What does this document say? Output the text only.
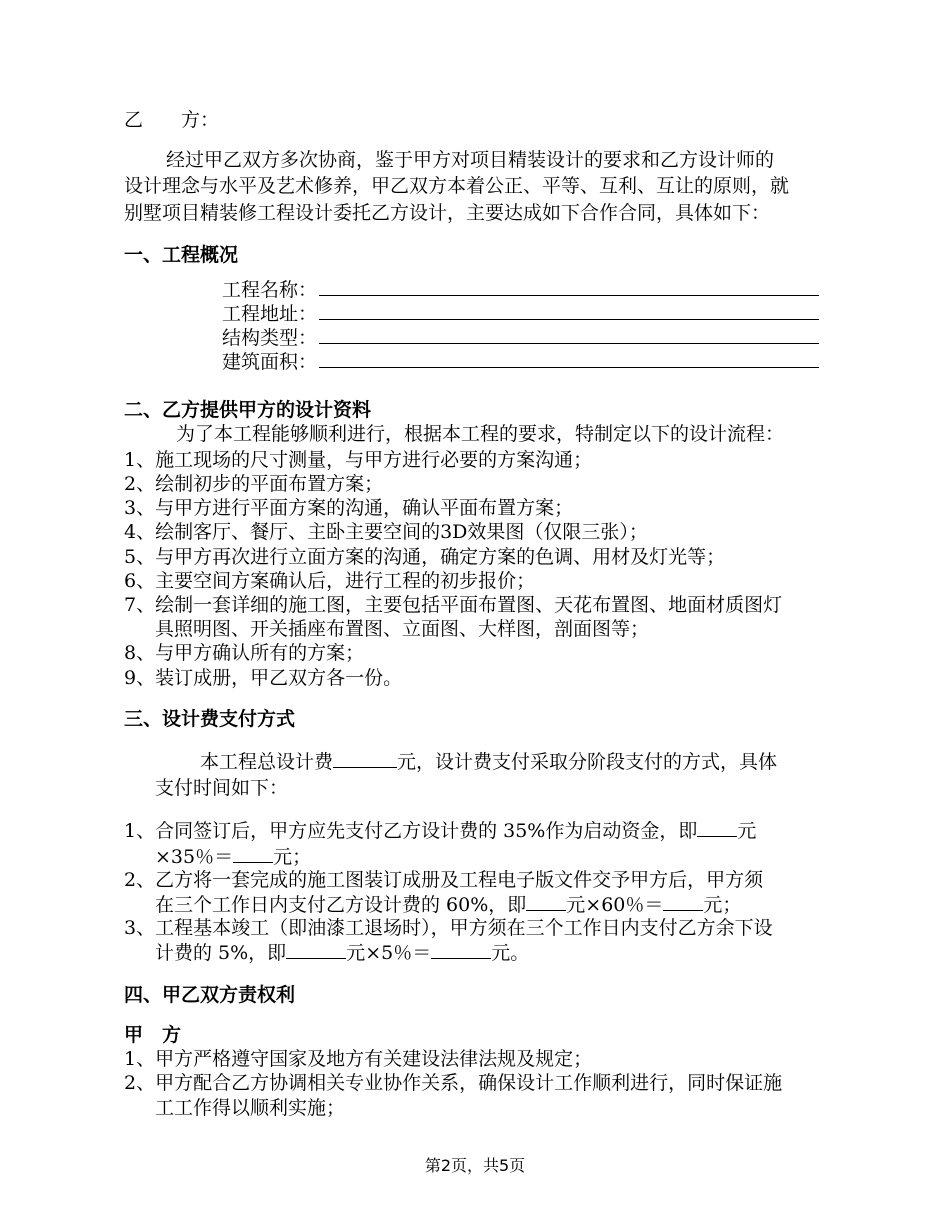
乙　　方：
经过甲乙双方多次协商，鉴于甲方对项目精装设计的要求和乙方设计师的
设计理念与水平及艺术修养，甲乙双方本着公正、平等、互利、互让的原则，就
别墅项目精装修工程设计委托乙方设计，主要达成如下合作合同，具体如下：
一、工程概况
工程名称：
工程地址：
结构类型：
建筑面积：
二、乙方提供甲方的设计资料
为了本工程能够顺利进行，根据本工程的要求，特制定以下的设计流程：
1、施工现场的尺寸测量，与甲方进行必要的方案沟通；
2、绘制初步的平面布置方案；
3、与甲方进行平面方案的沟通，确认平面布置方案；
4、绘制客厅、餐厅、主卧主要空间的3D效果图（仅限三张）；
5、与甲方再次进行立面方案的沟通，确定方案的色调、用材及灯光等；
6、主要空间方案确认后，进行工程的初步报价；
7、绘制一套详细的施工图，主要包括平面布置图、天花布置图、地面材质图灯
具照明图、开关插座布置图、立面图、大样图，剖面图等；
8、与甲方确认所有的方案；
9、装订成册，甲乙双方各一份。
三、设计费支付方式
本工程总设计费	元，设计费支付采取分阶段支付的方式，具体
支付时间如下：
1、合同签订后，甲方应先支付乙方设计费的 35%作为启动资金，即 元
×35％＝ 元；
2、乙方将一套完成的施工图装订成册及工程电子版文件交予甲方后，甲方须
在三个工作日内支付乙方设计费的 60%，即 元×60％＝ 元；
3、工程基本竣工（即油漆工退场时），甲方须在三个工作日内支付乙方余下设
计费的 5%，即	元×5％＝	元。
四、甲乙双方责权利
甲　方
1、甲方严格遵守国家及地方有关建设法律法规及规定；
2、甲方配合乙方协调相关专业协作关系，确保设计工作顺利进行，同时保证施
工工作得以顺利实施；
第2页，共5页
